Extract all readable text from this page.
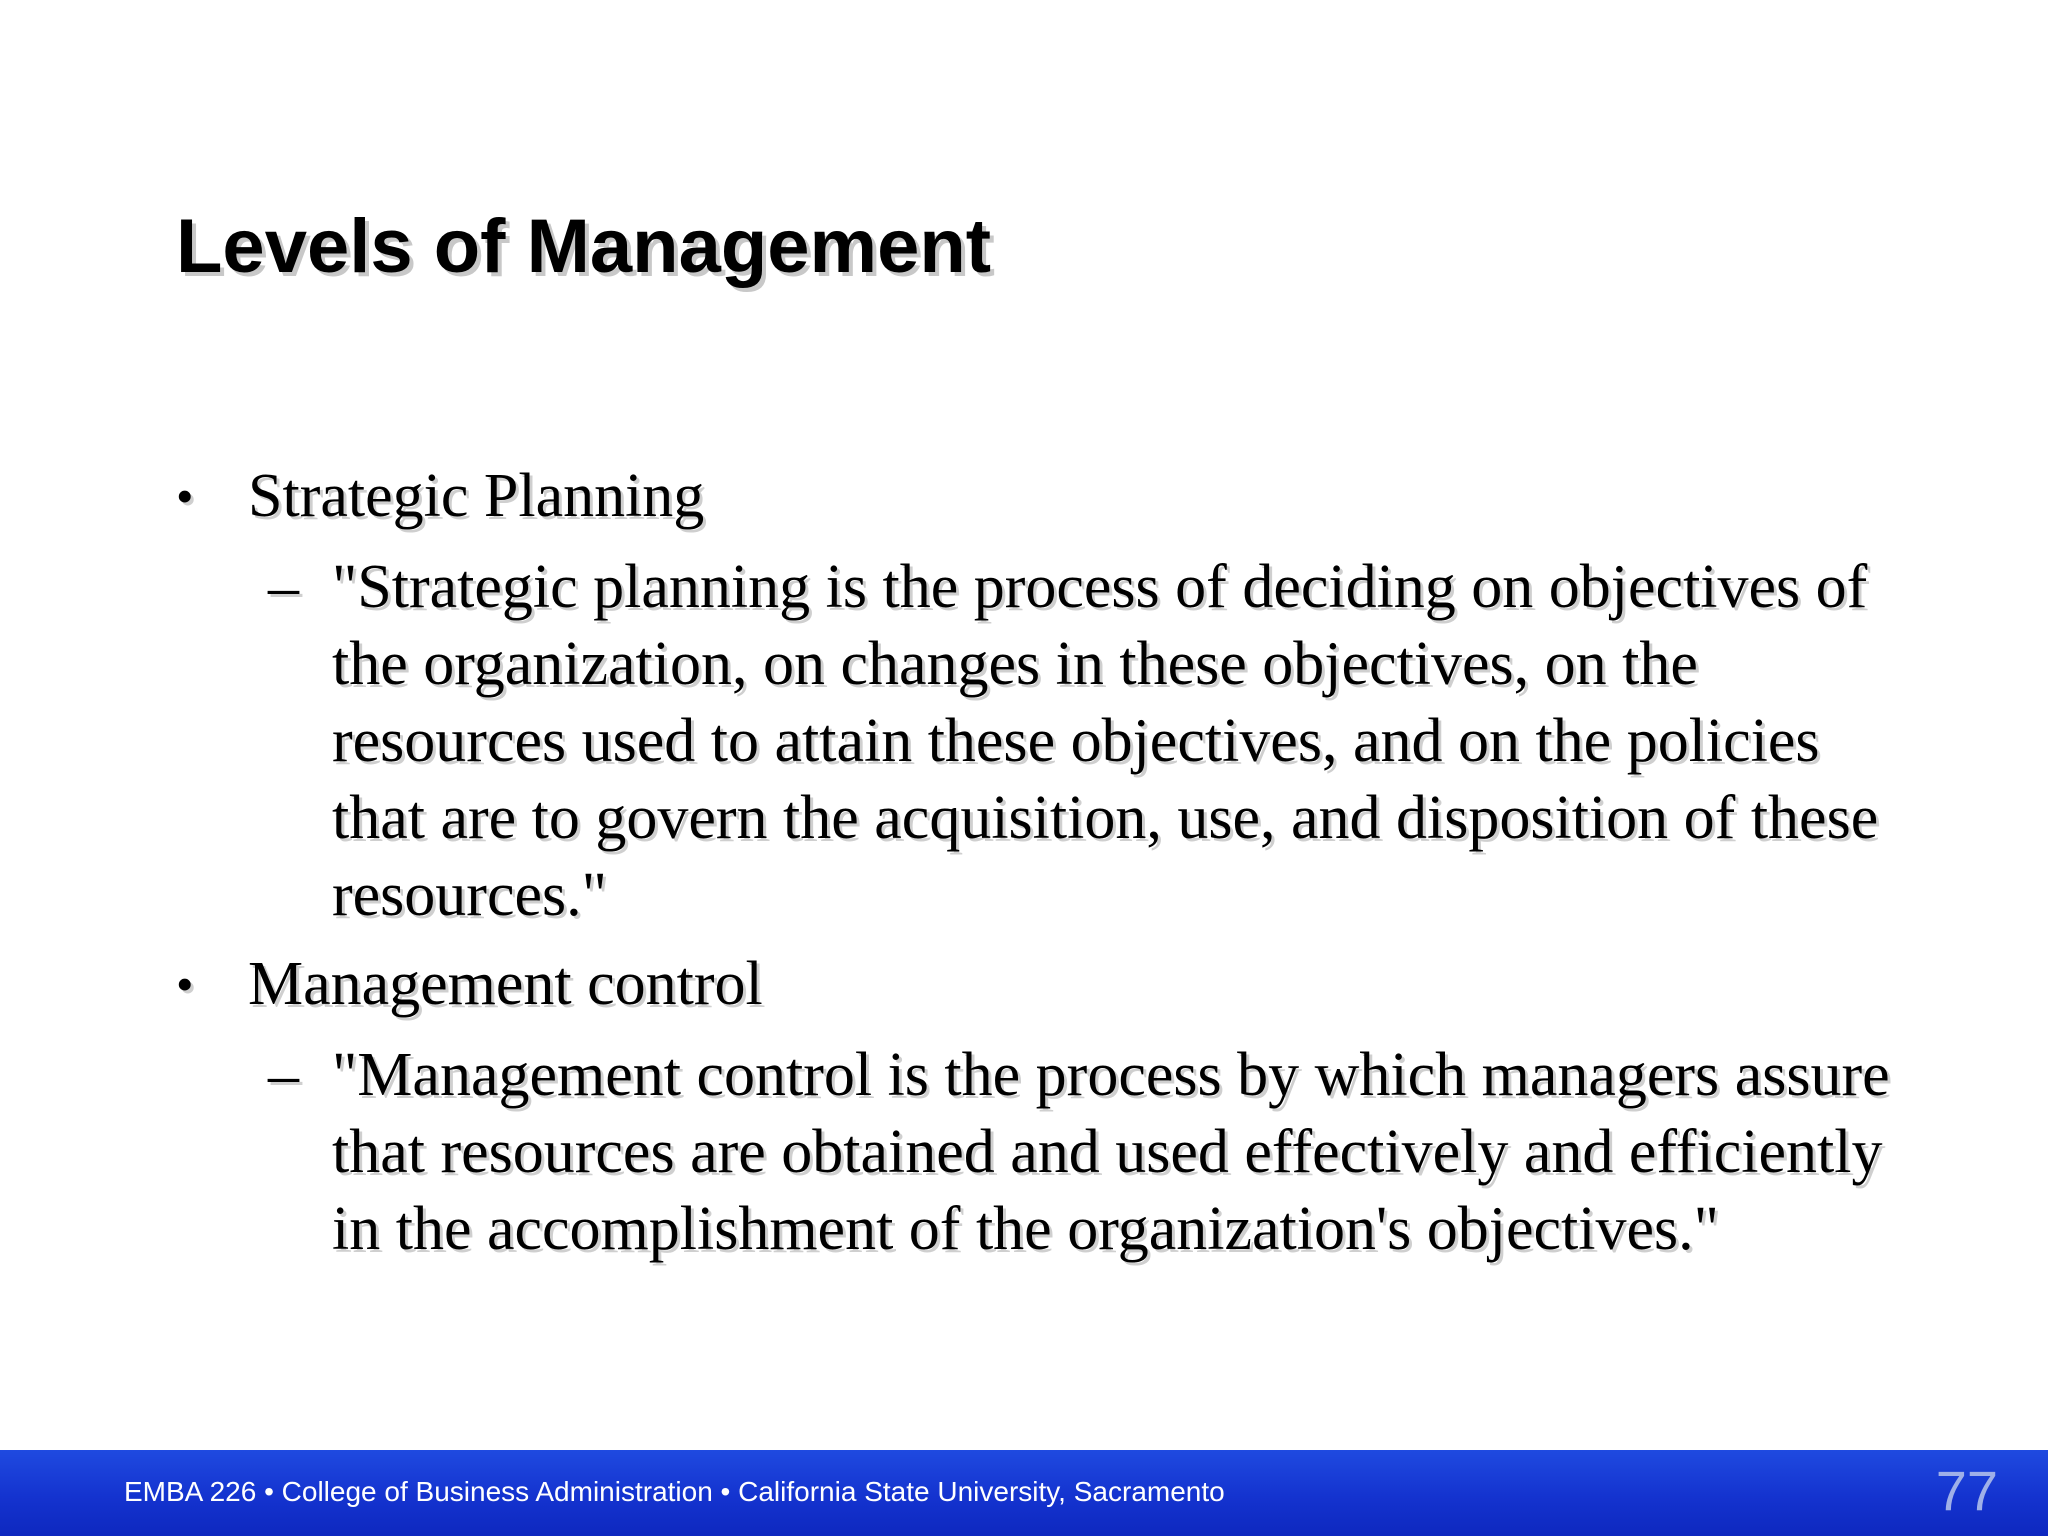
Levels of Management
• Strategic Planning
– "Strategic planning is the process of deciding on objectives of the organization, on changes in these objectives, on the resources used to attain these objectives, and on the policies that are to govern the acquisition, use, and disposition of these resources."
• Management control
– "Management control is the process by which managers assure that resources are obtained and used effectively and efficiently in the accomplishment of the organization's objectives."
EMBA 226 • College of Business Administration • California State University, Sacramento	77
